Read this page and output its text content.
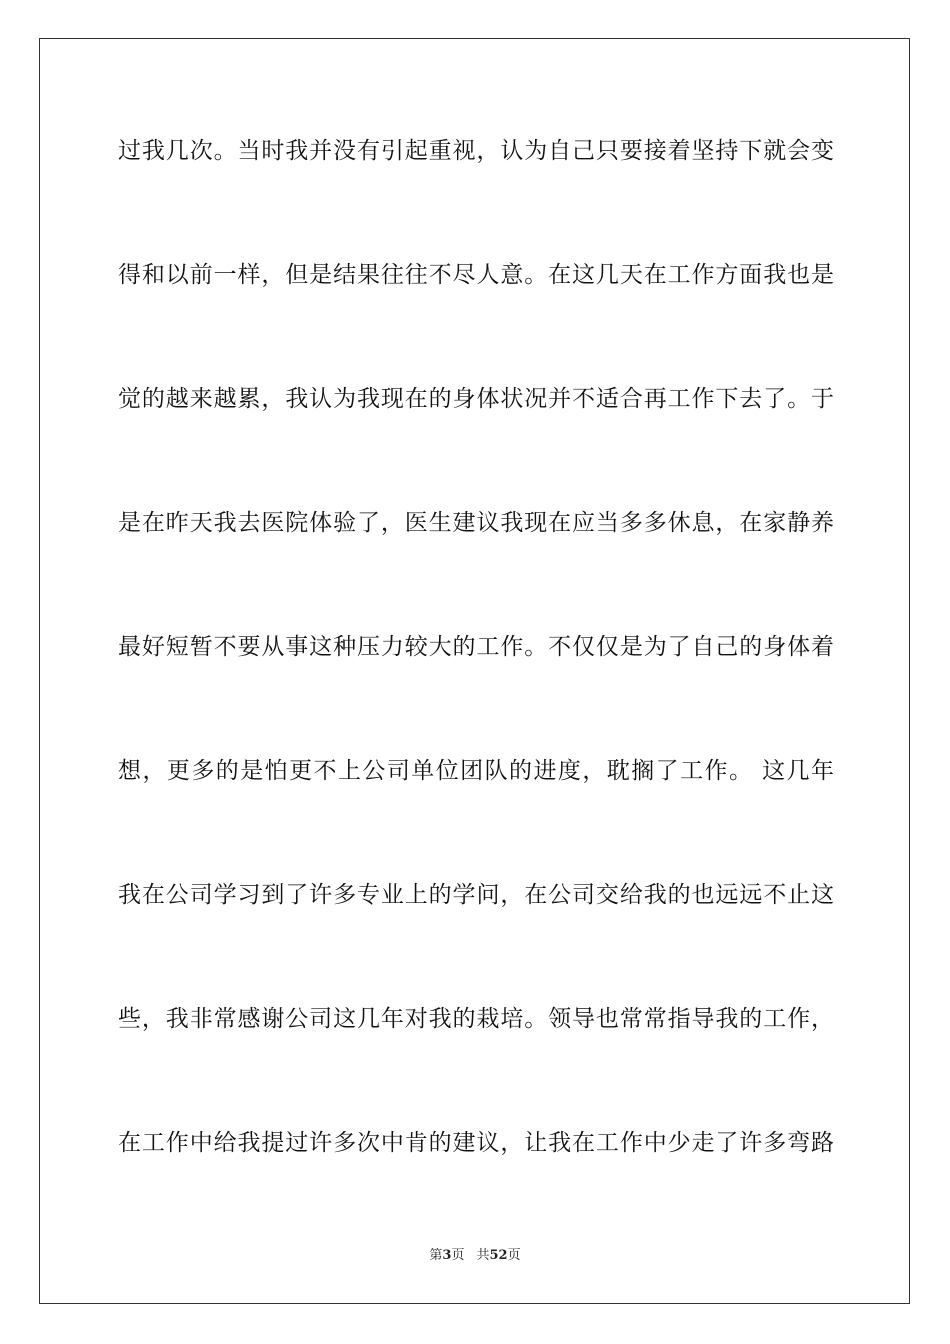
过我几次。当时我并没有引起重视，认为自己只要接着坚持下就会变
得和以前一样，但是结果往往不尽人意。在这几天在工作方面我也是
觉的越来越累，我认为我现在的身体状况并不适合再工作下去了。于
是在昨天我去医院体验了，医生建议我现在应当多多休息，在家静养
最好短暂不要从事这种压力较大的工作。不仅仅是为了自己的身体着
想，更多的是怕更不上公司单位团队的进度，耽搁了工作。 这几年
我在公司学习到了许多专业上的学问，在公司交给我的也远远不止这
些，我非常感谢公司这几年对我的栽培。领导也常常指导我的工作，
在工作中给我提过许多次中肯的建议，让我在工作中少走了许多弯路
第3页 共52页
